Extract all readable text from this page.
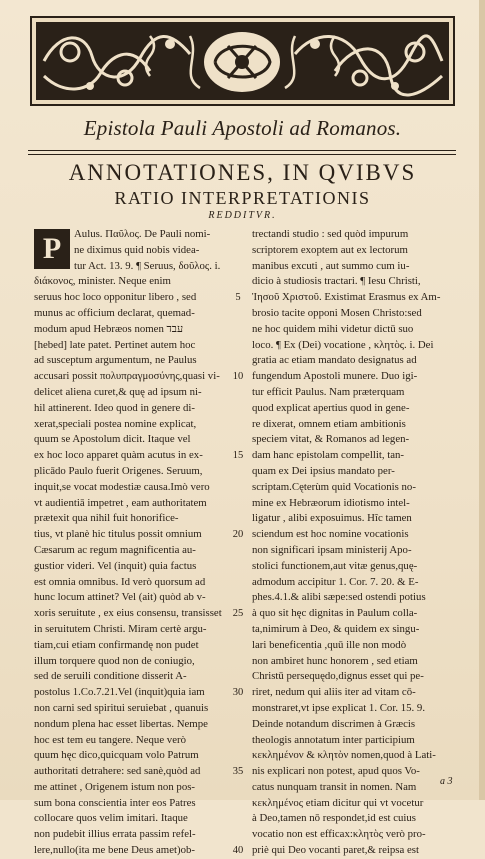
Epistola Pauli Apostoli ad Romanos.
ANNOTATIONES, IN QVIBVS
RATIO INTERPRETATIONIS
REDDITVR.
Aulus. Παῦλος. De Pauli nomi-
ne diximus quid nobis videa-
tur Act. 13. 9. ¶ Seruus, δοῦλος. i.
διάκονος, minister. Neque enim
seruus hoc loco opponitur libero , sed
munus ac officium declarat, quemad-
modum apud Hebræos nomen עבד
[hebed] late patet. Pertinet autem hoc
ad susceptum argumentum, ne Paulus
accusari possit πολυπραγμοσύνης,quasi vi-
delicet aliena curet,& quę ad ipsum ni-
hil attinerent. Ideo quod in genere di-
xerat,speciali postea nomine explicat,
quum se Apostolum dicit. Itaque vel
ex hoc loco apparet quàm acutus in ex-
plicādo Paulo fuerit Origenes. Seruum,
inquit,se vocat modestiæ causa.Imò vero
vt audientiā impetret , eam authoritatem
prætexit qua nihil fuit honorifice-
tius, vt planè hic titulus possit omnium
Cæsarum ac regum magnificentia au-
gustior videri. Vel (inquit) quia factus
est omnia omnibus. Id verò quorsum ad
hunc locum attinet? Vel (ait) quòd ab v-
xoris seruitute , ex eius consensu, transisset
in seruitutem Christi. Miram certè argu-
tiam,cui etiam confirmandę non pudet
illum torquere quod non de coniugio,
sed de seruili conditione disserit A-
postolus 1.Co.7.21.Vel (inquit)quia iam
non carni sed spiritui seruiebat , quanuis
nondum plena hac esset libertas. Nempe
hoc est tem eu tangere. Neque verò
quum hęc dico,quicquam volo Patrum
authoritati detrahere: sed sanè,quòd ad
me attinet , Origenem istum non pos-
sum bona conscientia inter eos Patres
collocare quos velim imitari. Itaque
non pudebit illius errata passim refel-
lere,nullo(ita me bene Deus amet)ob-
P
5
10
15
20
25
30
35
40
trectandi studio : sed quòd impurum
scriptorem exoptem aut ex lectorum
manibus excuti , aut summo cum iu-
dicio à studiosis tractari. ¶ Iesu Christi,
Ἰησοῦ Χριστοῦ. Existimat Erasmus ex Am-
brosio tacite opponi Mosen Christo:sed
ne hoc quidem mihi videtur dictū suo
loco. ¶ Ex (Dei) vocatione , κλητὸς. i. Dei
gratia ac etiam mandato designatus ad
fungendum Apostoli munere. Duo igi-
tur efficit Paulus. Nam præterquam
quod explicat apertius quod in gene-
re dixerat, omnem etiam ambitionis
speciem vitat, & Romanos ad legen-
dam hanc epistolam compellit, tan-
quam ex Dei ipsius mandato per-
scriptam.Cęterùm quid Vocationis no-
mine ex Hebræorum idiotismo intel-
ligatur , alibi exposuimus. Hîc tamen
sciendum est hoc nomine vocationis
non significari ipsam ministerij Apo-
stolici functionem,aut vitæ genus,quę-
admodum accipitur 1. Cor. 7. 20. & E-
phes.4.1.& alibi sæpe:sed ostendi potius
à quo sit hęc dignitas in Paulum colla-
ta,nimirum à Deo, & quidem ex singu-
lari beneficentia ,quū ille non modò
non ambiret hunc honorem , sed etiam
Christū persequędo,dignus esset qui pe-
riret, nedum qui aliis iter ad vitam cō-
monstraret,vt ipse explicat 1. Cor. 15. 9.
Deinde notandum discrimen à Græcis
theologis annotatum inter participium
κεκλημένον & κλητὸν nomen,quod à Lati-
nis explicari non potest, apud quos Vo-
catus nunquam transit in nomen. Nam
κεκλημένος etiam dicitur qui vt vocetur
à Deo,tamen nō respondet,id est cuius
vocatio non est efficax:κλητὸς verò pro-
priè qui Deo vocanti paret,& reipsa est
a 3
